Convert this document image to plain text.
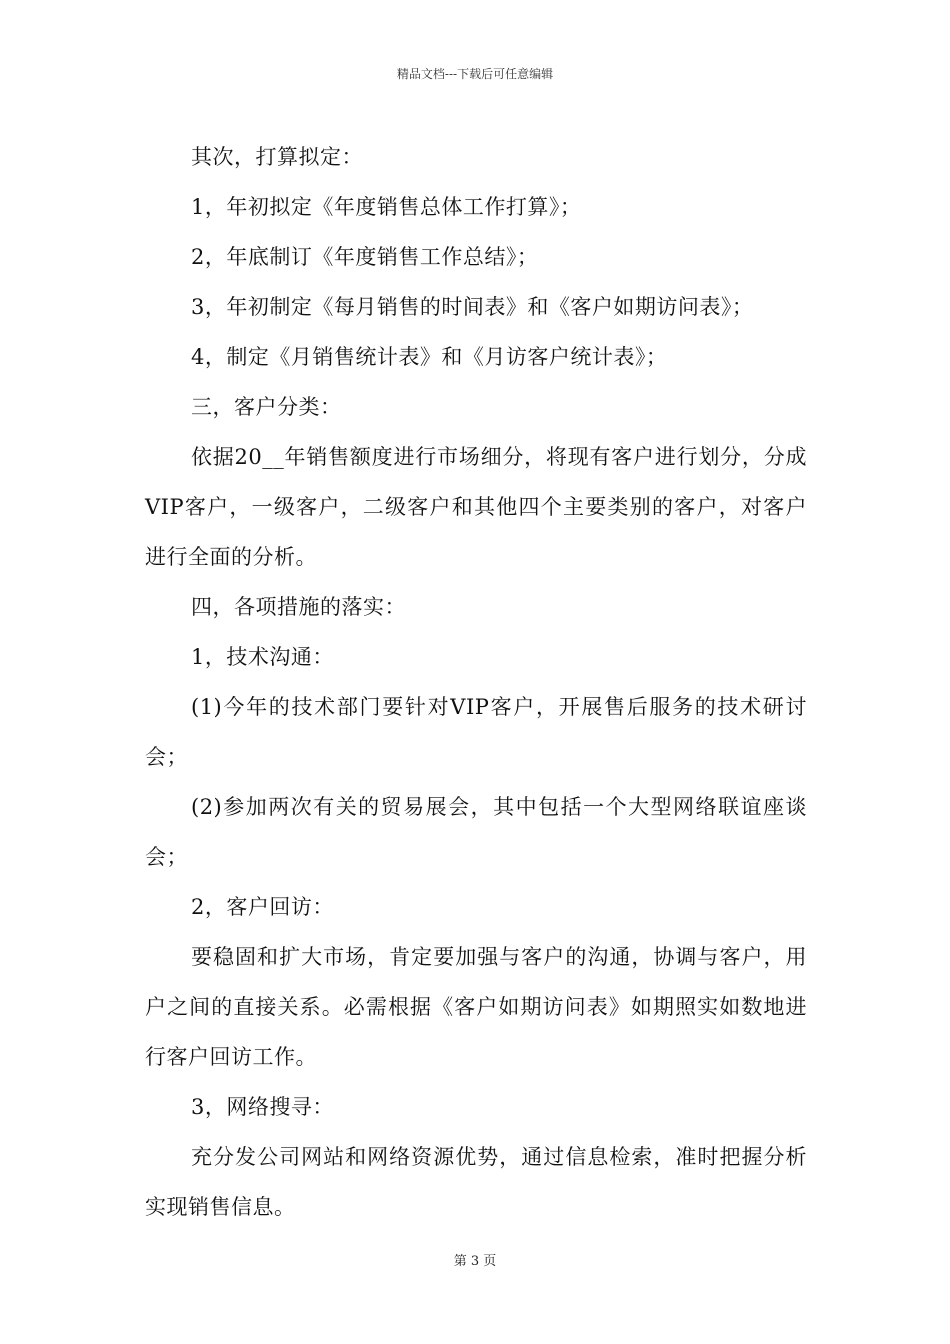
精品文档---下载后可任意编辑

其次，打算拟定：

1，年初拟定《年度销售总体工作打算》；

2，年底制订《年度销售工作总结》；

3，年初制定《每月销售的时间表》和《客户如期访问表》；

4，制定《月销售统计表》和《月访客户统计表》；

三，客户分类：

依据20__年销售额度进行市场细分，将现有客户进行划分，分成VIP客户，一级客户，二级客户和其他四个主要类别的客户，对客户进行全面的分析。

四，各项措施的落实：

1，技术沟通：

(1)今年的技术部门要针对VIP客户，开展售后服务的技术研讨会；

(2)参加两次有关的贸易展会，其中包括一个大型网络联谊座谈会；

2，客户回访：

要稳固和扩大市场，肯定要加强与客户的沟通，协调与客户，用户之间的直接关系。必需根据《客户如期访问表》如期照实如数地进行客户回访工作。

3，网络搜寻：

充分发公司网站和网络资源优势，通过信息检索，准时把握分析实现销售信息。

第 3 页
